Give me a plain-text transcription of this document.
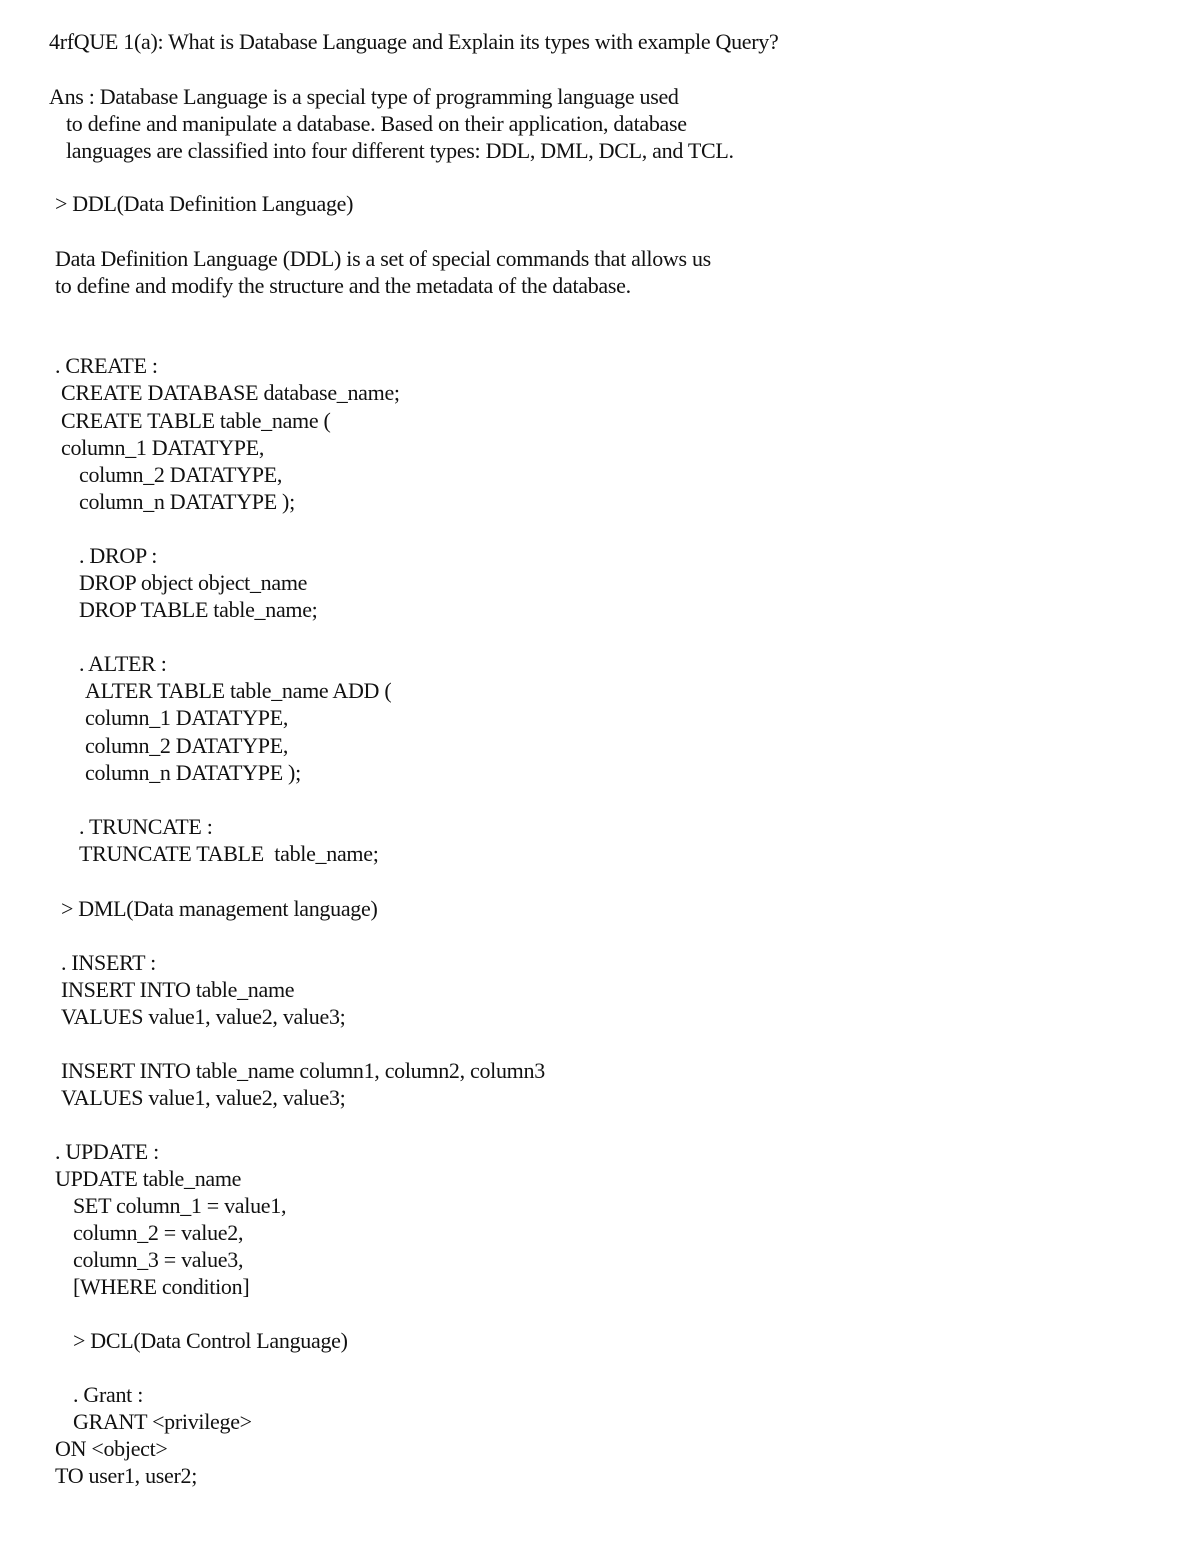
4rfQUE 1(a): What is Database Language and Explain its types with example Query?
Ans : Database Language is a special type of programming language used
to define and manipulate a database. Based on their application, database
languages are classified into four different types: DDL, DML, DCL, and TCL.
> DDL(Data Definition Language)
Data Definition Language (DDL) is a set of special commands that allows us
to define and modify the structure and the metadata of the database.
. CREATE :
CREATE DATABASE database_name;
CREATE TABLE table_name (
column_1 DATATYPE,
column_2 DATATYPE,
column_n DATATYPE );
. DROP :
DROP object object_name
DROP TABLE table_name;
. ALTER :
ALTER TABLE table_name ADD (
column_1 DATATYPE,
column_2 DATATYPE,
column_n DATATYPE );
. TRUNCATE :
TRUNCATE TABLE  table_name;
> DML(Data management language)
. INSERT :
INSERT INTO table_name
VALUES value1, value2, value3;
INSERT INTO table_name column1, column2, column3
VALUES value1, value2, value3;
. UPDATE :
UPDATE table_name
SET column_1 = value1,
column_2 = value2,
column_3 = value3,
[WHERE condition]
> DCL(Data Control Language)
. Grant :
GRANT <privilege>
ON <object>
TO user1, user2;
